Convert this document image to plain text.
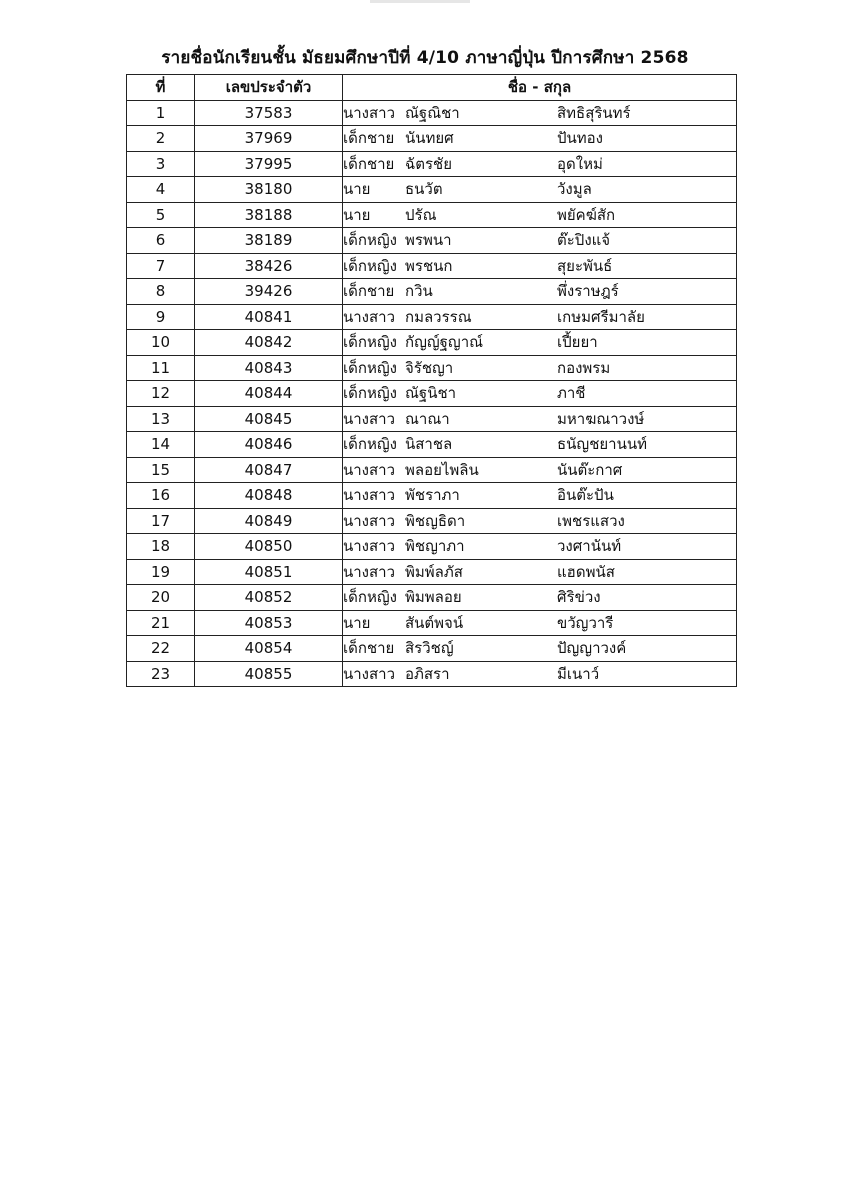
รายชื่อนักเรียนชั้น มัธยมศึกษาปีที่ 4/10 ภาษาญี่ปุ่น ปีการศึกษา 2568
ที่	เลขประจำตัว	ชื่อ - สกุล
1	37583	นางสาว ณัฐณิชา สิทธิสุรินทร์
2	37969	เด็กชาย นันทยศ ปันทอง
3	37995	เด็กชาย ฉัตรชัย อุดใหม่
4	38180	นาย ธนวัต วังมูล
5	38188	นาย ปรัณ พยัคฆ์สัก
6	38189	เด็กหญิง พรพนา ต๊ะปิงแจ้
7	38426	เด็กหญิง พรชนก สุยะพันธ์
8	39426	เด็กชาย กวิน พึ่งราษฎร์
9	40841	นางสาว กมลวรรณ เกษมศรีมาลัย
10	40842	เด็กหญิง กัญญ์ฐญาณ์ เปี้ยยา
11	40843	เด็กหญิง จิรัชญา กองพรม
12	40844	เด็กหญิง ณัฐนิชา ภาชี
13	40845	นางสาว ณาณา มหาฆณาวงษ์
14	40846	เด็กหญิง นิสาชล ธนัญชยานนท์
15	40847	นางสาว พลอยไพลิน นันต๊ะกาศ
16	40848	นางสาว พัชราภา อินต๊ะปัน
17	40849	นางสาว พิชญธิดา เพชรแสวง
18	40850	นางสาว พิชญาภา วงศานันท์
19	40851	นางสาว พิมพ์ลภัส แฮดพนัส
20	40852	เด็กหญิง พิมพลอย ศิริข่วง
21	40853	นาย สันต์พจน์ ขวัญวารี
22	40854	เด็กชาย สิรวิชญ์ ปัญญาวงค์
23	40855	นางสาว อภิสรา มีเนาว์
